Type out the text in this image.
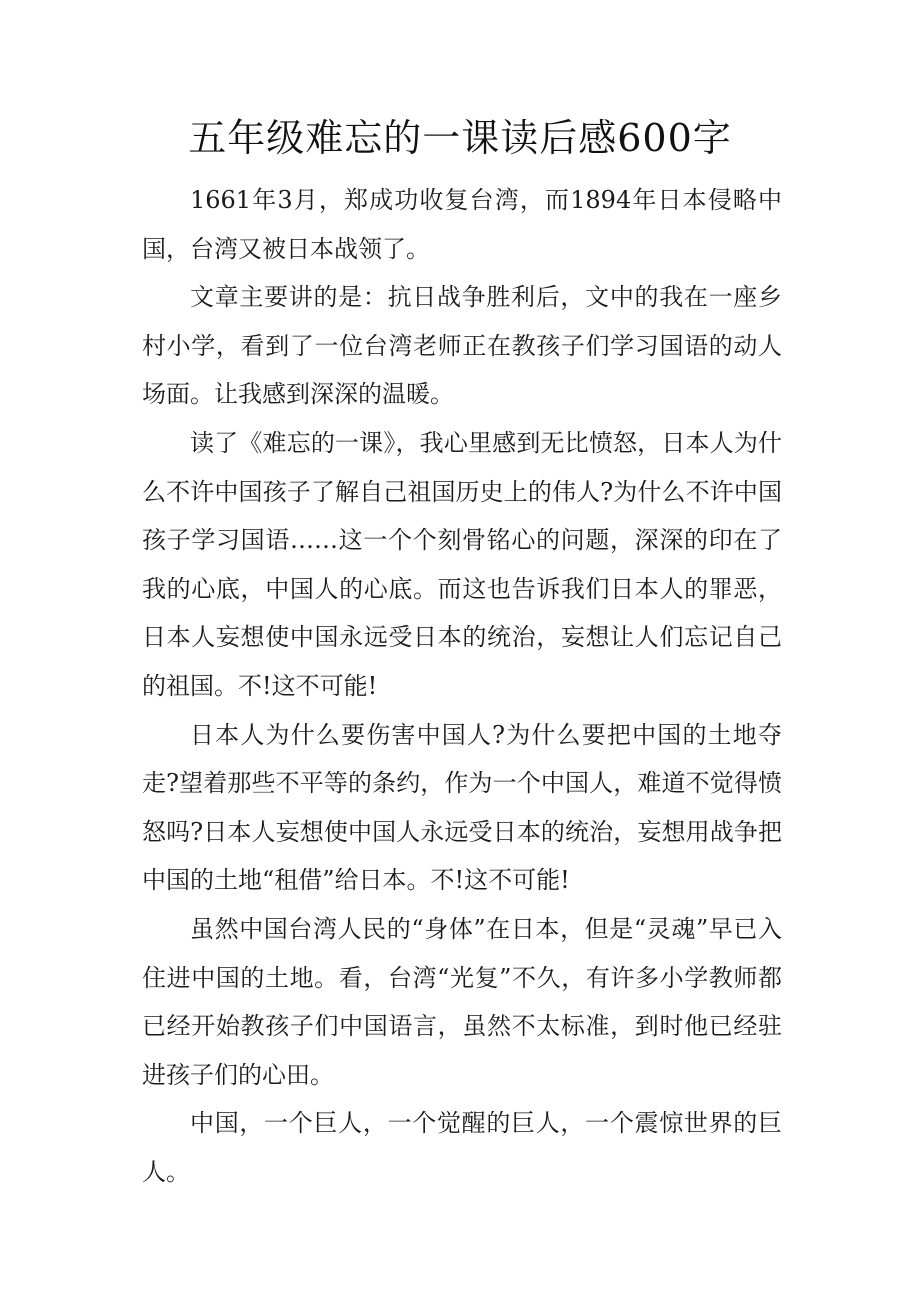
五年级难忘的一课读后感600字

1661年3月，郑成功收复台湾，而1894年日本侵略中国，台湾又被日本战领了。

文章主要讲的是：抗日战争胜利后，文中的我在一座乡村小学，看到了一位台湾老师正在教孩子们学习国语的动人场面。让我感到深深的温暖。

读了《难忘的一课》，我心里感到无比愤怒，日本人为什么不许中国孩子了解自己祖国历史上的伟人?为什么不许中国孩子学习国语……这一个个刻骨铭心的问题，深深的印在了我的心底，中国人的心底。而这也告诉我们日本人的罪恶，日本人妄想使中国永远受日本的统治，妄想让人们忘记自己的祖国。不!这不可能!

日本人为什么要伤害中国人?为什么要把中国的土地夺走?望着那些不平等的条约，作为一个中国人，难道不觉得愤怒吗?日本人妄想使中国人永远受日本的统治，妄想用战争把中国的土地“租借”给日本。不!这不可能!

虽然中国台湾人民的“身体”在日本，但是“灵魂”早已入住进中国的土地。看，台湾“光复”不久，有许多小学教师都已经开始教孩子们中国语言，虽然不太标准，到时他已经驻进孩子们的心田。

中国，一个巨人，一个觉醒的巨人，一个震惊世界的巨人。
